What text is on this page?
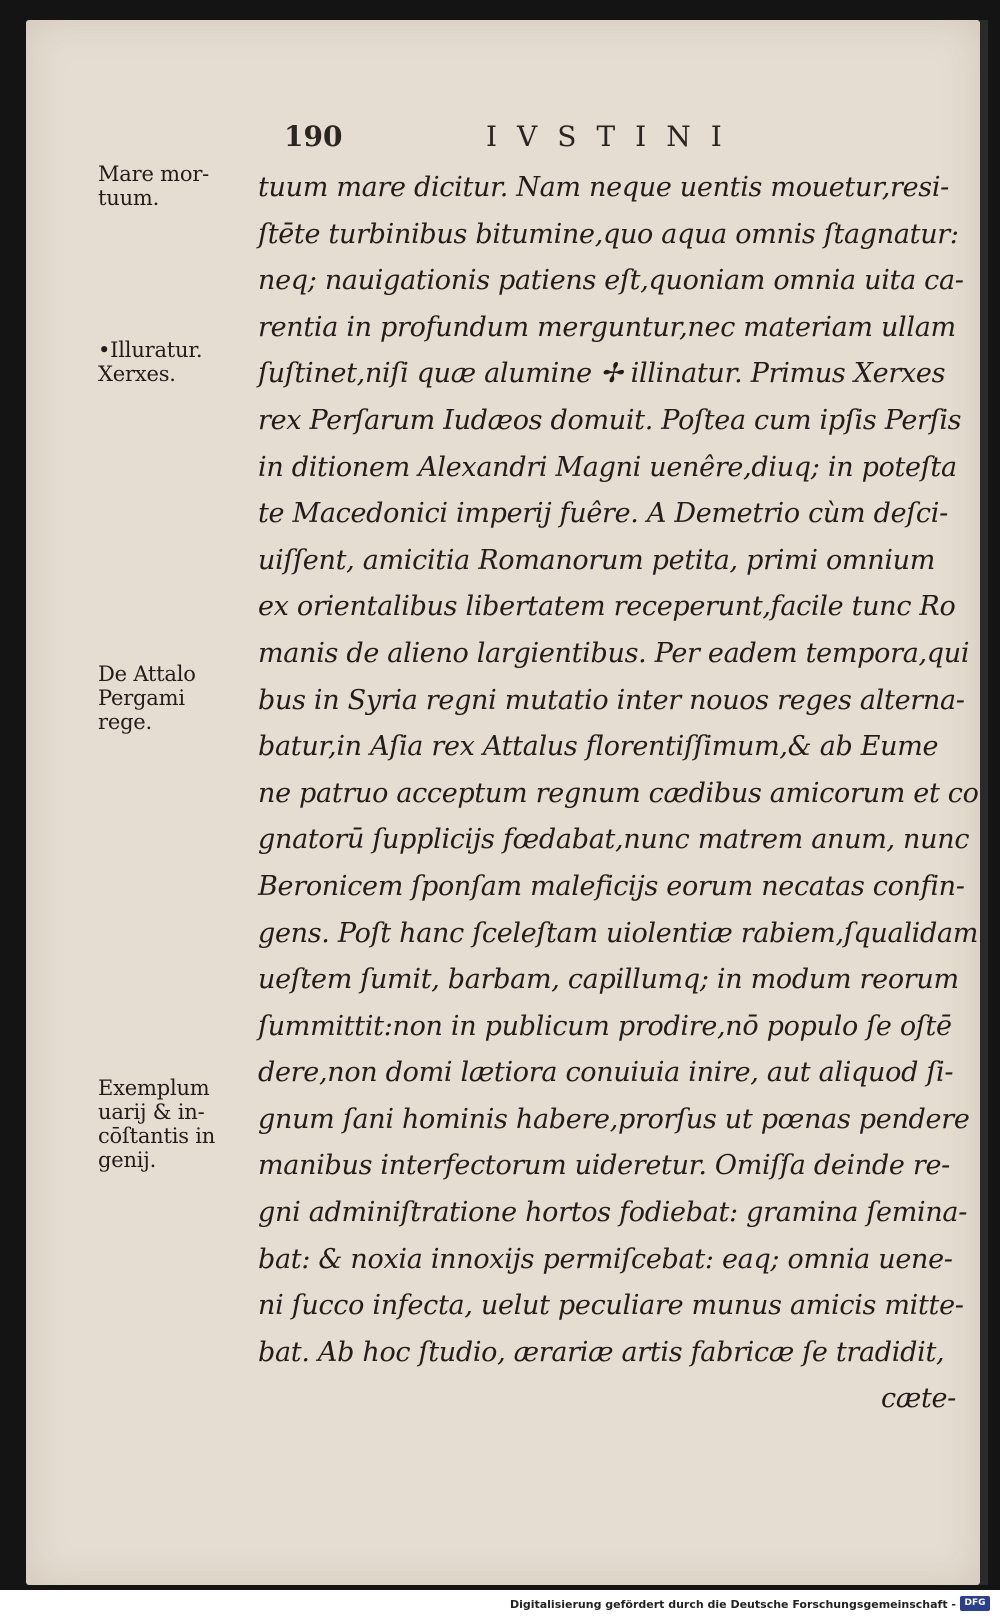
190	IVSTINI
Mare mor-
tuum.
•Illuratur.
Xerxes.
De Attalo
Pergami
rege.
Exemplum
uarij & in-
cōſtantis in
genij.
tuum mare dicitur. Nam neque uentis mouetur,resi-
ſtēte turbinibus bitumine,quo aqua omnis ſtagnatur:
neq; nauigationis patiens eſt,quoniam omnia uita ca-
rentia in profundum merguntur,nec materiam ullam
ſuſtinet,niſi quæ alumine ✢ illinatur. Primus Xerxes
rex Perſarum Iudæos domuit. Poſtea cum ipſis Perſis
in ditionem Alexandri Magni uenêre,diuq; in poteſta
te Macedonici imperij fuêre. A Demetrio cùm deſci-
uiſſent, amicitia Romanorum petita, primi omnium
ex orientalibus libertatem receperunt,facile tunc Ro
manis de alieno largientibus. Per eadem tempora,qui
bus in Syria regni mutatio inter nouos reges alterna-
batur,in Aſia rex Attalus florentiſſimum,& ab Eume
ne patruo acceptum regnum cædibus amicorum et co
gnatorū ſupplicijs fœdabat,nunc matrem anum, nunc
Beronicem ſponſam maleficijs eorum necatas confin-
gens. Poſt hanc ſceleſtam uiolentiæ rabiem,ſqualidam
ueſtem ſumit, barbam, capillumq; in modum reorum
ſummittit:non in publicum prodire,nō populo ſe oſtē
dere,non domi lætiora conuiuia inire, aut aliquod ſi-
gnum ſani hominis habere,prorſus ut pœnas pendere
manibus interfectorum uideretur. Omiſſa deinde re-
gni adminiſtratione hortos fodiebat: gramina ſemina-
bat: & noxia innoxijs permiſcebat: eaq; omnia uene-
ni ſucco infecta, uelut peculiare munus amicis mitte-
bat. Ab hoc ſtudio, ærariæ artis fabricæ ſe tradidit,
cæte-
Digitalisierung gefördert durch die Deutsche Forschungsgemeinschaft - DFG
